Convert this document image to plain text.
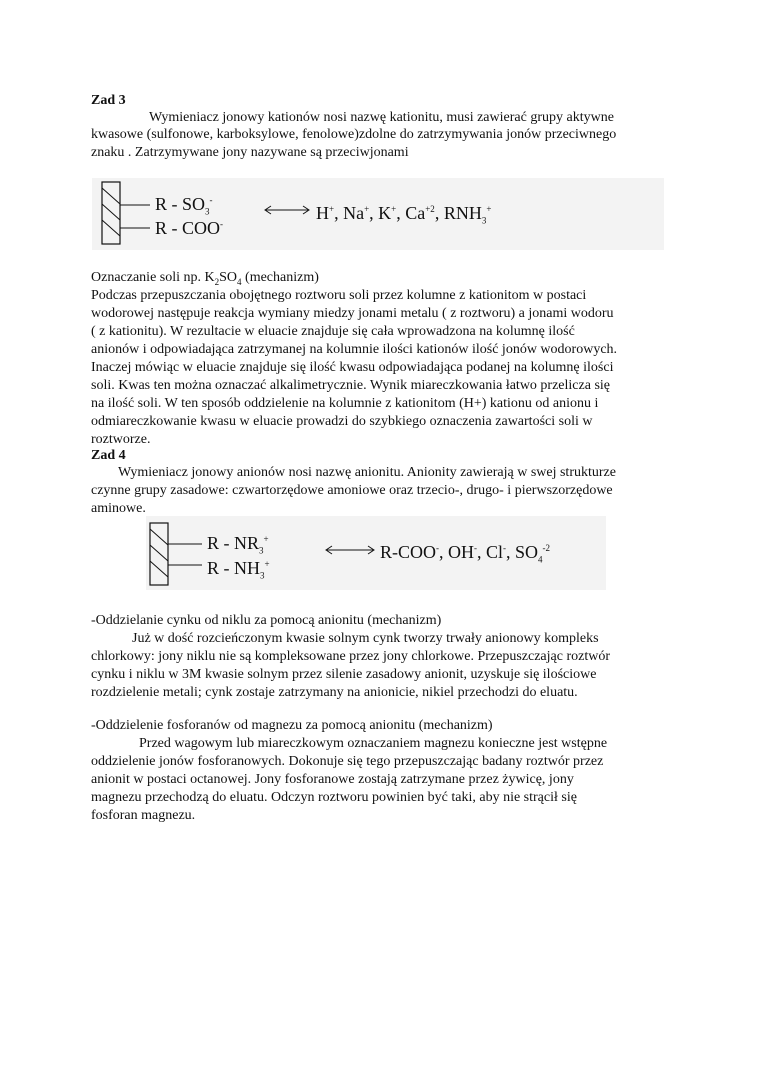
Zad 3
Wymieniacz jonowy kationów nosi nazwę kationitu, musi zawierać grupy aktywne
kwasowe (sulfonowe, karboksylowe, fenolowe)zdolne do zatrzymywania jonów przeciwnego
znaku . Zatrzymywane jony nazywane są przeciwjonami
R - $SO_3^-$
R - COO-
H+, Na+, K+, $Ca^{+2}$, $RNH_3^+$
Oznaczanie soli np. $K_2SO_4$ (mechanizm)
Podczas przepuszczania obojętnego roztworu soli przez kolumne z kationitom w postaci
wodorowej następuje reakcja wymiany miedzy jonami metalu ( z roztworu) a jonami wodoru
( z kationitu). W rezultacie w eluacie znajduje się cała wprowadzona na kolumnę ilość
anionów i odpowiadająca zatrzymanej na kolumnie ilości kationów ilość jonów wodorowych.
Inaczej mówiąc w eluacie znajduje się ilość kwasu odpowiadająca podanej na kolumnę ilości
soli. Kwas ten można oznaczać alkalimetrycznie. Wynik miareczkowania łatwo przelicza się
na ilość soli. W ten sposób oddzielenie na kolumnie z kationitom (H+) kationu od anionu i
odmiareczkowanie kwasu w eluacie prowadzi do szybkiego oznaczenia zawartości soli w
roztworze.
Zad 4
Wymieniacz jonowy anionów nosi nazwę anionitu. Anionity zawierają w swej strukturze
czynne grupy zasadowe: czwartorzędowe amoniowe oraz trzecio-, drugo- i pierwszorzędowe
aminowe.
R - $NR_3^+$
R - $NH_3^+$
R-COO-, OH-, Cl-, $SO_4^{-2}$
-Oddzielanie cynku od niklu za pomocą anionitu (mechanizm)
Już w dość rozcieńczonym kwasie solnym cynk tworzy trwały anionowy kompleks
chlorkowy: jony niklu nie są kompleksowane przez jony chlorkowe. Przepuszczając roztwór
cynku i niklu w 3M kwasie solnym przez silenie zasadowy anionit, uzyskuje się ilościowe
rozdzielenie metali; cynk zostaje zatrzymany na anionicie, nikiel przechodzi do eluatu.
-Oddzielenie fosforanów od magnezu za pomocą anionitu (mechanizm)
Przed wagowym lub miareczkowym oznaczaniem magnezu konieczne jest wstępne
oddzielenie jonów fosforanowych. Dokonuje się tego przepuszczając badany roztwór przez
anionit w postaci octanowej. Jony fosforanowe zostają zatrzymane przez żywicę, jony
magnezu przechodzą do eluatu. Odczyn roztworu powinien być taki, aby nie strącił się
fosforan magnezu.
